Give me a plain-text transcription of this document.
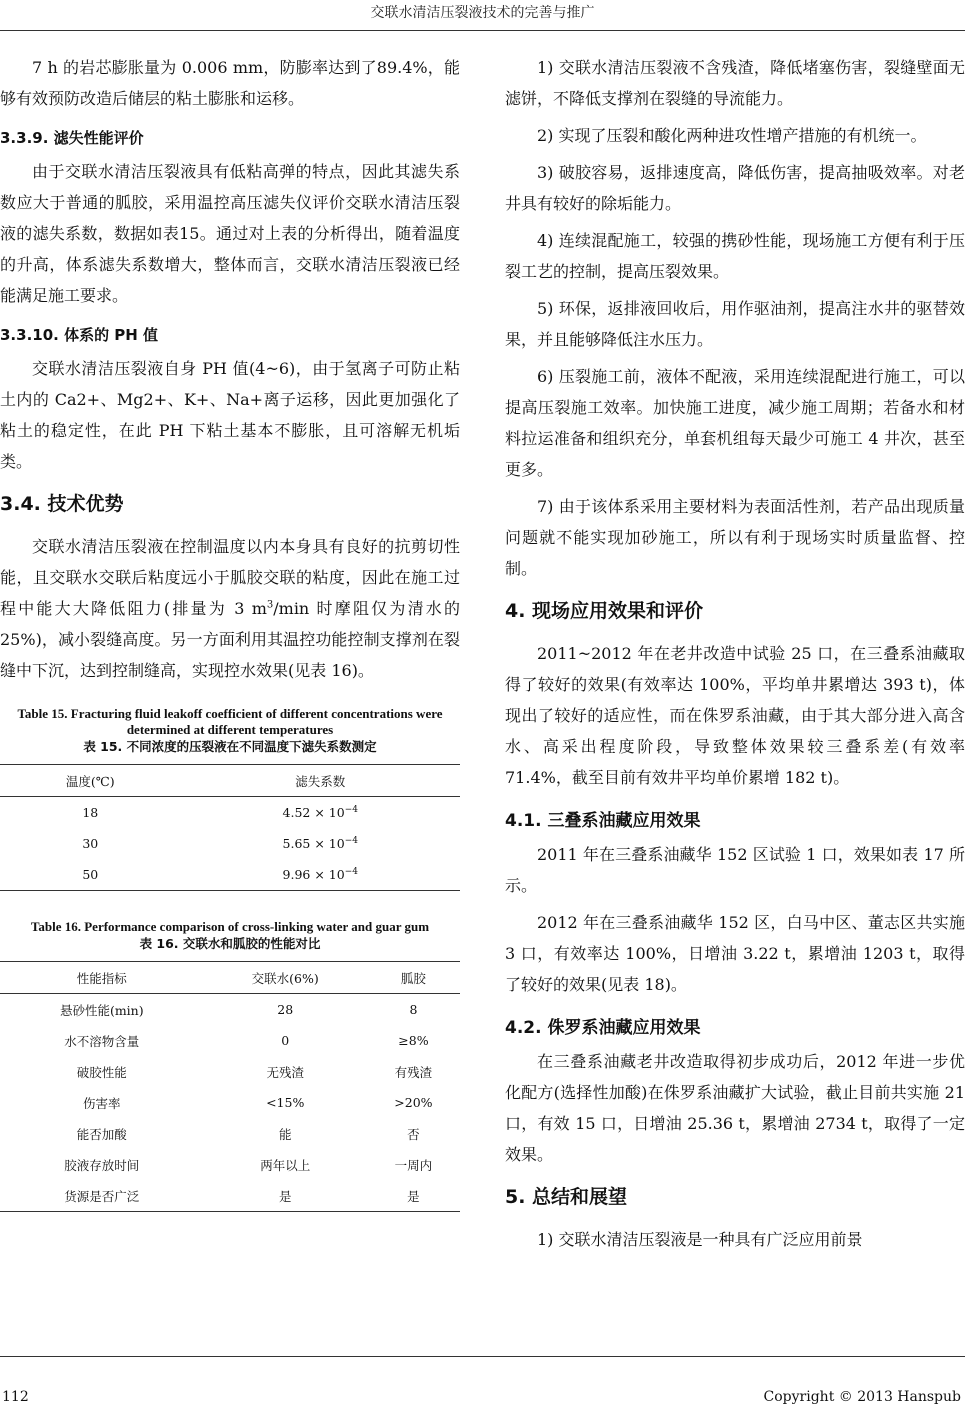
交联水清洁压裂液技术的完善与推广

7 h 的岩芯膨胀量为 0.006 mm，防膨率达到了89.4%，能够有效预防改造后储层的粘土膨胀和运移。

3.3.9. 滤失性能评价

由于交联水清洁压裂液具有低粘高弹的特点，因此其滤失系数应大于普通的胍胶，采用温控高压滤失仪评价交联水清洁压裂液的滤失系数，数据如表15。通过对上表的分析得出，随着温度的升高，体系滤失系数增大，整体而言，交联水清洁压裂液已经能满足施工要求。

3.3.10. 体系的 PH 值

交联水清洁压裂液自身 PH 值(4~6)，由于氢离子可防止粘土内的 Ca2+、Mg2+、K+、Na+离子运移，因此更加强化了粘土的稳定性，在此 PH 下粘土基本不膨胀，且可溶解无机垢类。

3.4. 技术优势

交联水清洁压裂液在控制温度以内本身具有良好的抗剪切性能，且交联水交联后粘度远小于胍胶交联的粘度，因此在施工过程中能大大降低阻力(排量为 3 $m^3/\min$ 时摩阻仅为清水的 25%)，减小裂缝高度。另一方面利用其温控功能控制支撑剂在裂缝中下沉，达到控制缝高，实现控水效果(见表 16)。

Table 15. Fracturing fluid leakoff coefficient of different concentrations were determined at different temperatures
表 15. 不同浓度的压裂液在不同温度下滤失系数测定
温度(℃)	滤失系数
18	$4.52 \times 10^{-4}$
30	$5.65 \times 10^{-4}$
50	$9.96 \times 10^{-4}$
Table 16. Performance comparison of cross-linking water and guar gum
表 16. 交联水和胍胶的性能对比
性能指标	交联水(6%)	胍胶
悬砂性能(min)	28	8
水不溶物含量	0	≥8%
破胶性能	无残渣	有残渣
伤害率	<15%	>20%
能否加酸	能	否
胶液存放时间	两年以上	一周内
货源是否广泛	是	是

1) 交联水清洁压裂液不含残渣，降低堵塞伤害，裂缝壁面无滤饼，不降低支撑剂在裂缝的导流能力。

2) 实现了压裂和酸化两种进攻性增产措施的有机统一。

3) 破胶容易，返排速度高，降低伤害，提高抽吸效率。对老井具有较好的除垢能力。

4) 连续混配施工，较强的携砂性能，现场施工方便有利于压裂工艺的控制，提高压裂效果。

5) 环保，返排液回收后，用作驱油剂，提高注水井的驱替效果，并且能够降低注水压力。

6) 压裂施工前，液体不配液，采用连续混配进行施工，可以提高压裂施工效率。加快施工进度，减少施工周期；若备水和材料拉运准备和组织充分，单套机组每天最少可施工 4 井次，甚至更多。

7) 由于该体系采用主要材料为表面活性剂，若产品出现质量问题就不能实现加砂施工，所以有利于现场实时质量监督、控制。

4. 现场应用效果和评价

2011~2012 年在老井改造中试验 25 口，在三叠系油藏取得了较好的效果(有效率达 100%，平均单井累增达 393 t)，体现出了较好的适应性，而在侏罗系油藏，由于其大部分进入高含水、高采出程度阶段，导致整体效果较三叠系差(有效率 71.4%，截至目前有效井平均单价累增 182 t)。

4.1. 三叠系油藏应用效果

2011 年在三叠系油藏华 152 区试验 1 口，效果如表 17 所示。

2012 年在三叠系油藏华 152 区，白马中区、董志区共实施 3 口，有效率达 100%，日增油 3.22 t，累增油 1203 t，取得了较好的效果(见表 18)。

4.2. 侏罗系油藏应用效果

在三叠系油藏老井改造取得初步成功后，2012 年进一步优化配方(选择性加酸)在侏罗系油藏扩大试验，截止目前共实施 21 口，有效 15 口，日增油 25.36 t，累增油 2734 t，取得了一定效果。

5. 总结和展望

1) 交联水清洁压裂液是一种具有广泛应用前景

112	Copyright © 2013 Hanspub
